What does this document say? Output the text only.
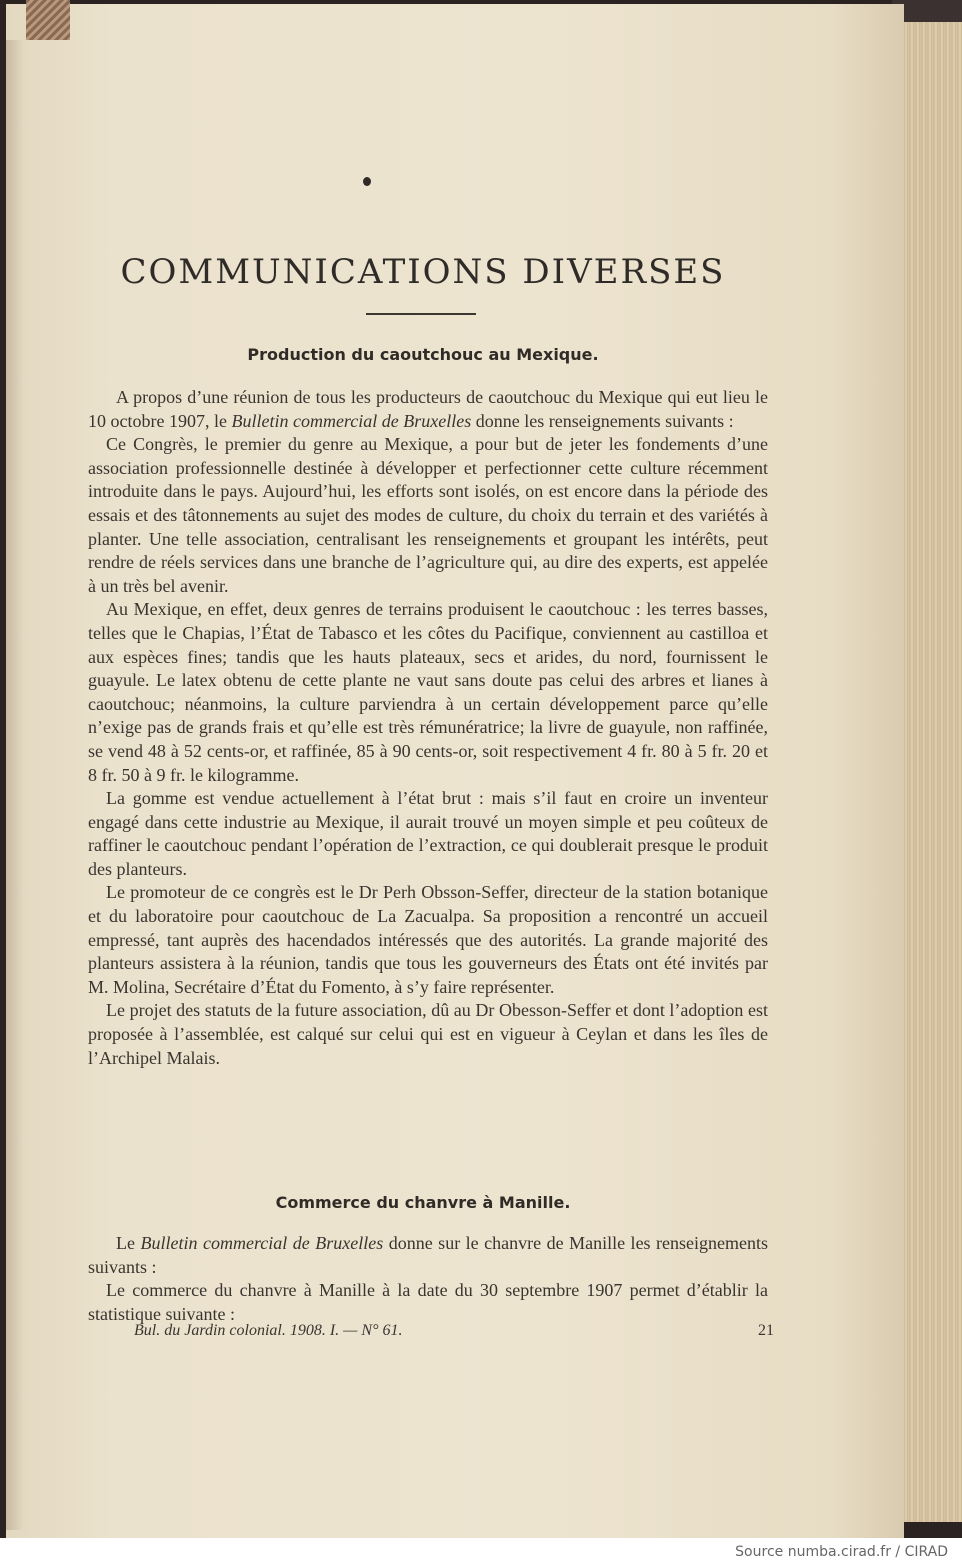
COMMUNICATIONS DIVERSES
Production du caoutchouc au Mexique.

A propos d’une réunion de tous les producteurs de caoutchouc du Mexique qui eut lieu le 10 octobre 1907, le Bulletin commercial de Bruxelles donne les renseignements suivants :

Ce Congrès, le premier du genre au Mexique, a pour but de jeter les fondements d’une association professionnelle destinée à développer et perfectionner cette culture récemment introduite dans le pays. Aujourd’hui, les efforts sont isolés, on est encore dans la période des essais et des tâtonnements au sujet des modes de culture, du choix du terrain et des variétés à planter. Une telle association, centralisant les renseignements et groupant les intérêts, peut rendre de réels services dans une branche de l’agriculture qui, au dire des experts, est appelée à un très bel avenir.

Au Mexique, en effet, deux genres de terrains produisent le caoutchouc : les terres basses, telles que le Chapias, l’État de Tabasco et les côtes du Pacifique, conviennent au castilloa et aux espèces fines; tandis que les hauts plateaux, secs et arides, du nord, fournissent le guayule. Le latex obtenu de cette plante ne vaut sans doute pas celui des arbres et lianes à caoutchouc; néanmoins, la culture parviendra à un certain développement parce qu’elle n’exige pas de grands frais et qu’elle est très rémunératrice; la livre de guayule, non raffinée, se vend 48 à 52 cents-or, et raffinée, 85 à 90 cents-or, soit respectivement 4 fr. 80 à 5 fr. 20 et 8 fr. 50 à 9 fr. le kilogramme.

La gomme est vendue actuellement à l’état brut : mais s’il faut en croire un inventeur engagé dans cette industrie au Mexique, il aurait trouvé un moyen simple et peu coûteux de raffiner le caoutchouc pendant l’opération de l’extraction, ce qui doublerait presque le produit des planteurs.

Le promoteur de ce congrès est le Dr Perh Obsson-Seffer, directeur de la station botanique et du laboratoire pour caoutchouc de La Zacualpa. Sa proposition a rencontré un accueil empressé, tant auprès des hacendados intéressés que des autorités. La grande majorité des planteurs assistera à la réunion, tandis que tous les gouverneurs des États ont été invités par M. Molina, Secrétaire d’État du Fomento, à s’y faire représenter.

Le projet des statuts de la future association, dû au Dr Obesson-Seffer et dont l’adoption est proposée à l’assemblée, est calqué sur celui qui est en vigueur à Ceylan et dans les îles de l’Archipel Malais.

Commerce du chanvre à Manille.

Le Bulletin commercial de Bruxelles donne sur le chanvre de Manille les renseignements suivants :

Le commerce du chanvre à Manille à la date du 30 septembre 1907 permet d’établir la statistique suivante :

Bul. du Jardin colonial. 1908. I. — N° 61.	21
Source numba.cirad.fr / CIRAD
